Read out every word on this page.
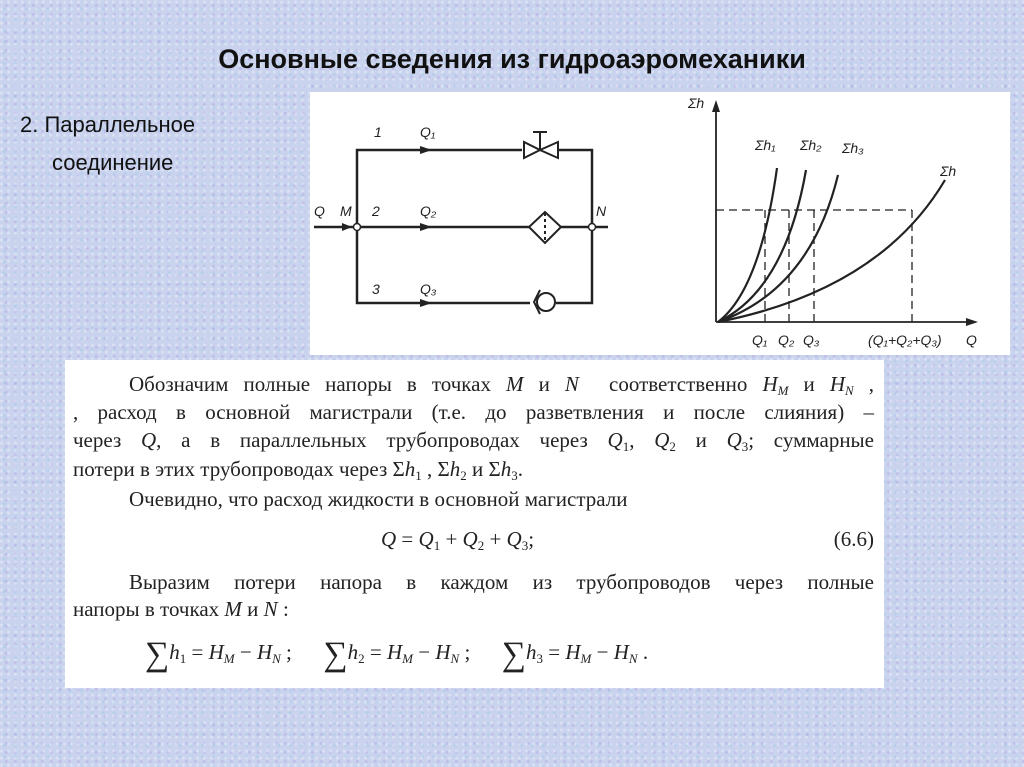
Основные сведения из гидроаэромеханики
2. Параллельное
соединение
Q M	N
1
2
3
Q₁
Q₂
Q₃
Σh
Σh₁ Σh₂ Σh₃
Σh
Q₁ Q₂ Q₃	(Q₁+Q₂+Q₃) Q
Обозначим полные напоры в точках M и N  соответственно $H_M$ и $H_N$ ,
, расход в основной магистрали (т.е. до разветвления и после слияния) –
через Q, а в параллельных трубопроводах через $Q_1$, $Q_2$ и $Q_3$; суммарные
потери в этих трубопроводах через $\Sigma h_1$ , $\Sigma h_2$ и $\Sigma h_3$.
Очевидно, что расход жидкости в основной магистрали
$Q = Q_1 + Q_2 + Q_3$;	(6.6)
Выразим потери напора в каждом из трубопроводов через полные
напоры в точках M и N :
$\sum h_1 = H_M - H_N$ ;      $\sum h_2 = H_M - H_N$ ;      $\sum h_3 = H_M - H_N$ .
